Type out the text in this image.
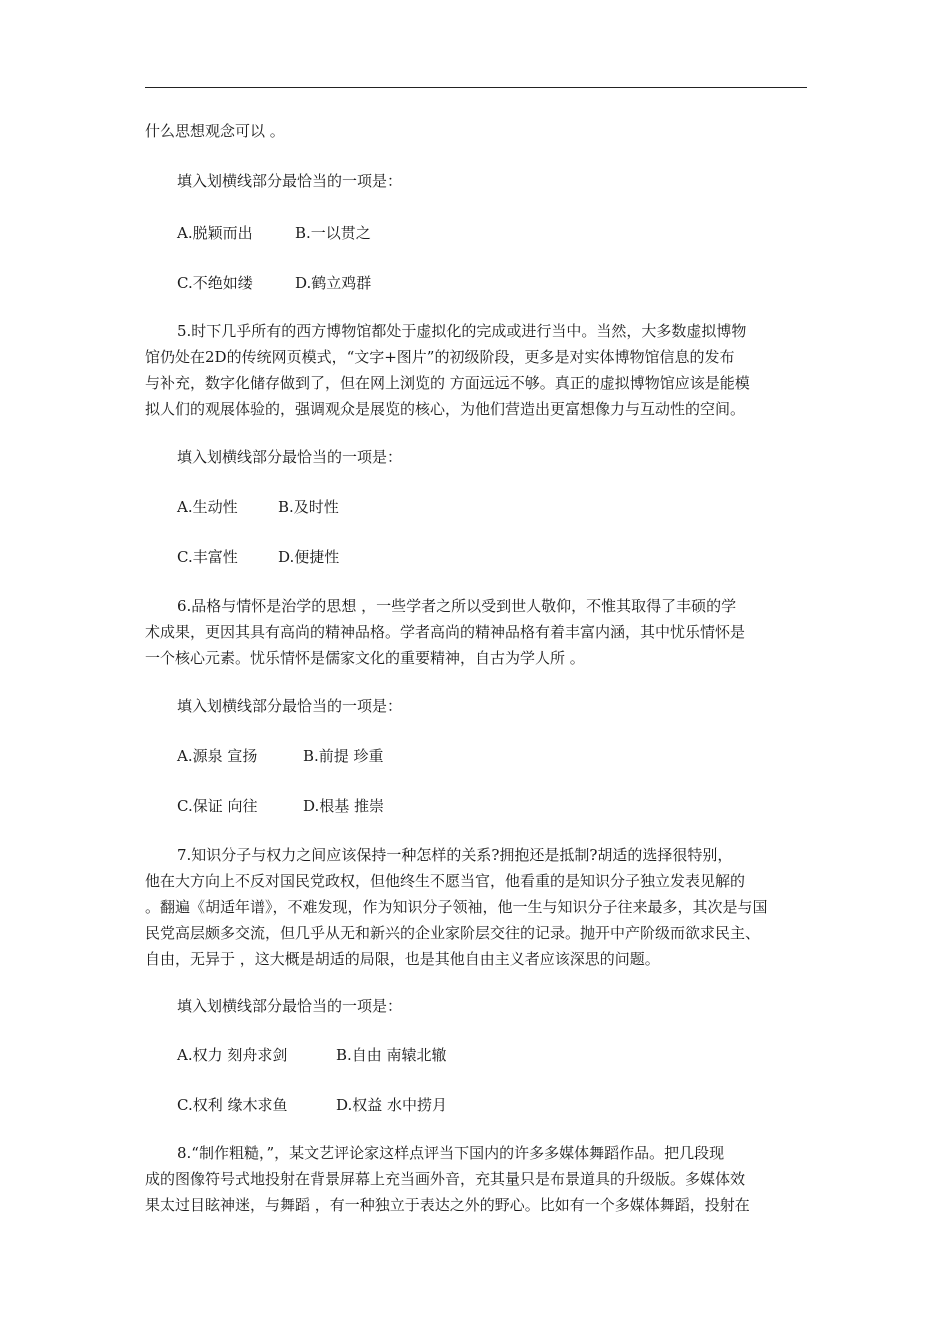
什么思想观念可以 。
填入划横线部分最恰当的一项是：
A.脱颖而出	B.一以贯之
C.不绝如缕	D.鹤立鸡群
5.时下几乎所有的西方博物馆都处于虚拟化的完成或进行当中。当然，大多数虚拟博物
馆仍处在2D的传统网页模式，“文字+图片”的初级阶段，更多是对实体博物馆信息的发布
与补充，数字化储存做到了，但在网上浏览的 方面远远不够。真正的虚拟博物馆应该是能模
拟人们的观展体验的，强调观众是展览的核心，为他们营造出更富想像力与互动性的空间。
填入划横线部分最恰当的一项是：
A.生动性	B.及时性
C.丰富性	D.便捷性
6.品格与情怀是治学的思想 ，一些学者之所以受到世人敬仰，不惟其取得了丰硕的学
术成果，更因其具有高尚的精神品格。学者高尚的精神品格有着丰富内涵，其中忧乐情怀是
一个核心元素。忧乐情怀是儒家文化的重要精神，自古为学人所 。
填入划横线部分最恰当的一项是：
A.源泉 宣扬	B.前提 珍重
C.保证 向往	D.根基 推崇
7.知识分子与权力之间应该保持一种怎样的关系?拥抱还是抵制?胡适的选择很特别，
他在大方向上不反对国民党政权，但他终生不愿当官，他看重的是知识分子独立发表见解的
。翻遍《胡适年谱》，不难发现，作为知识分子领袖，他一生与知识分子往来最多，其次是与国
民党高层颇多交流，但几乎从无和新兴的企业家阶层交往的记录。抛开中产阶级而欲求民主、
自由，无异于 ，这大概是胡适的局限，也是其他自由主义者应该深思的问题。
填入划横线部分最恰当的一项是：
A.权力 刻舟求剑	B.自由 南辕北辙
C.权利 缘木求鱼	D.权益 水中捞月
8.“制作粗糙，”，某文艺评论家这样点评当下国内的许多多媒体舞蹈作品。把几段现
成的图像符号式地投射在背景屏幕上充当画外音，充其量只是布景道具的升级版。多媒体效
果太过目眩神迷，与舞蹈 ，有一种独立于表达之外的野心。比如有一个多媒体舞蹈，投射在
